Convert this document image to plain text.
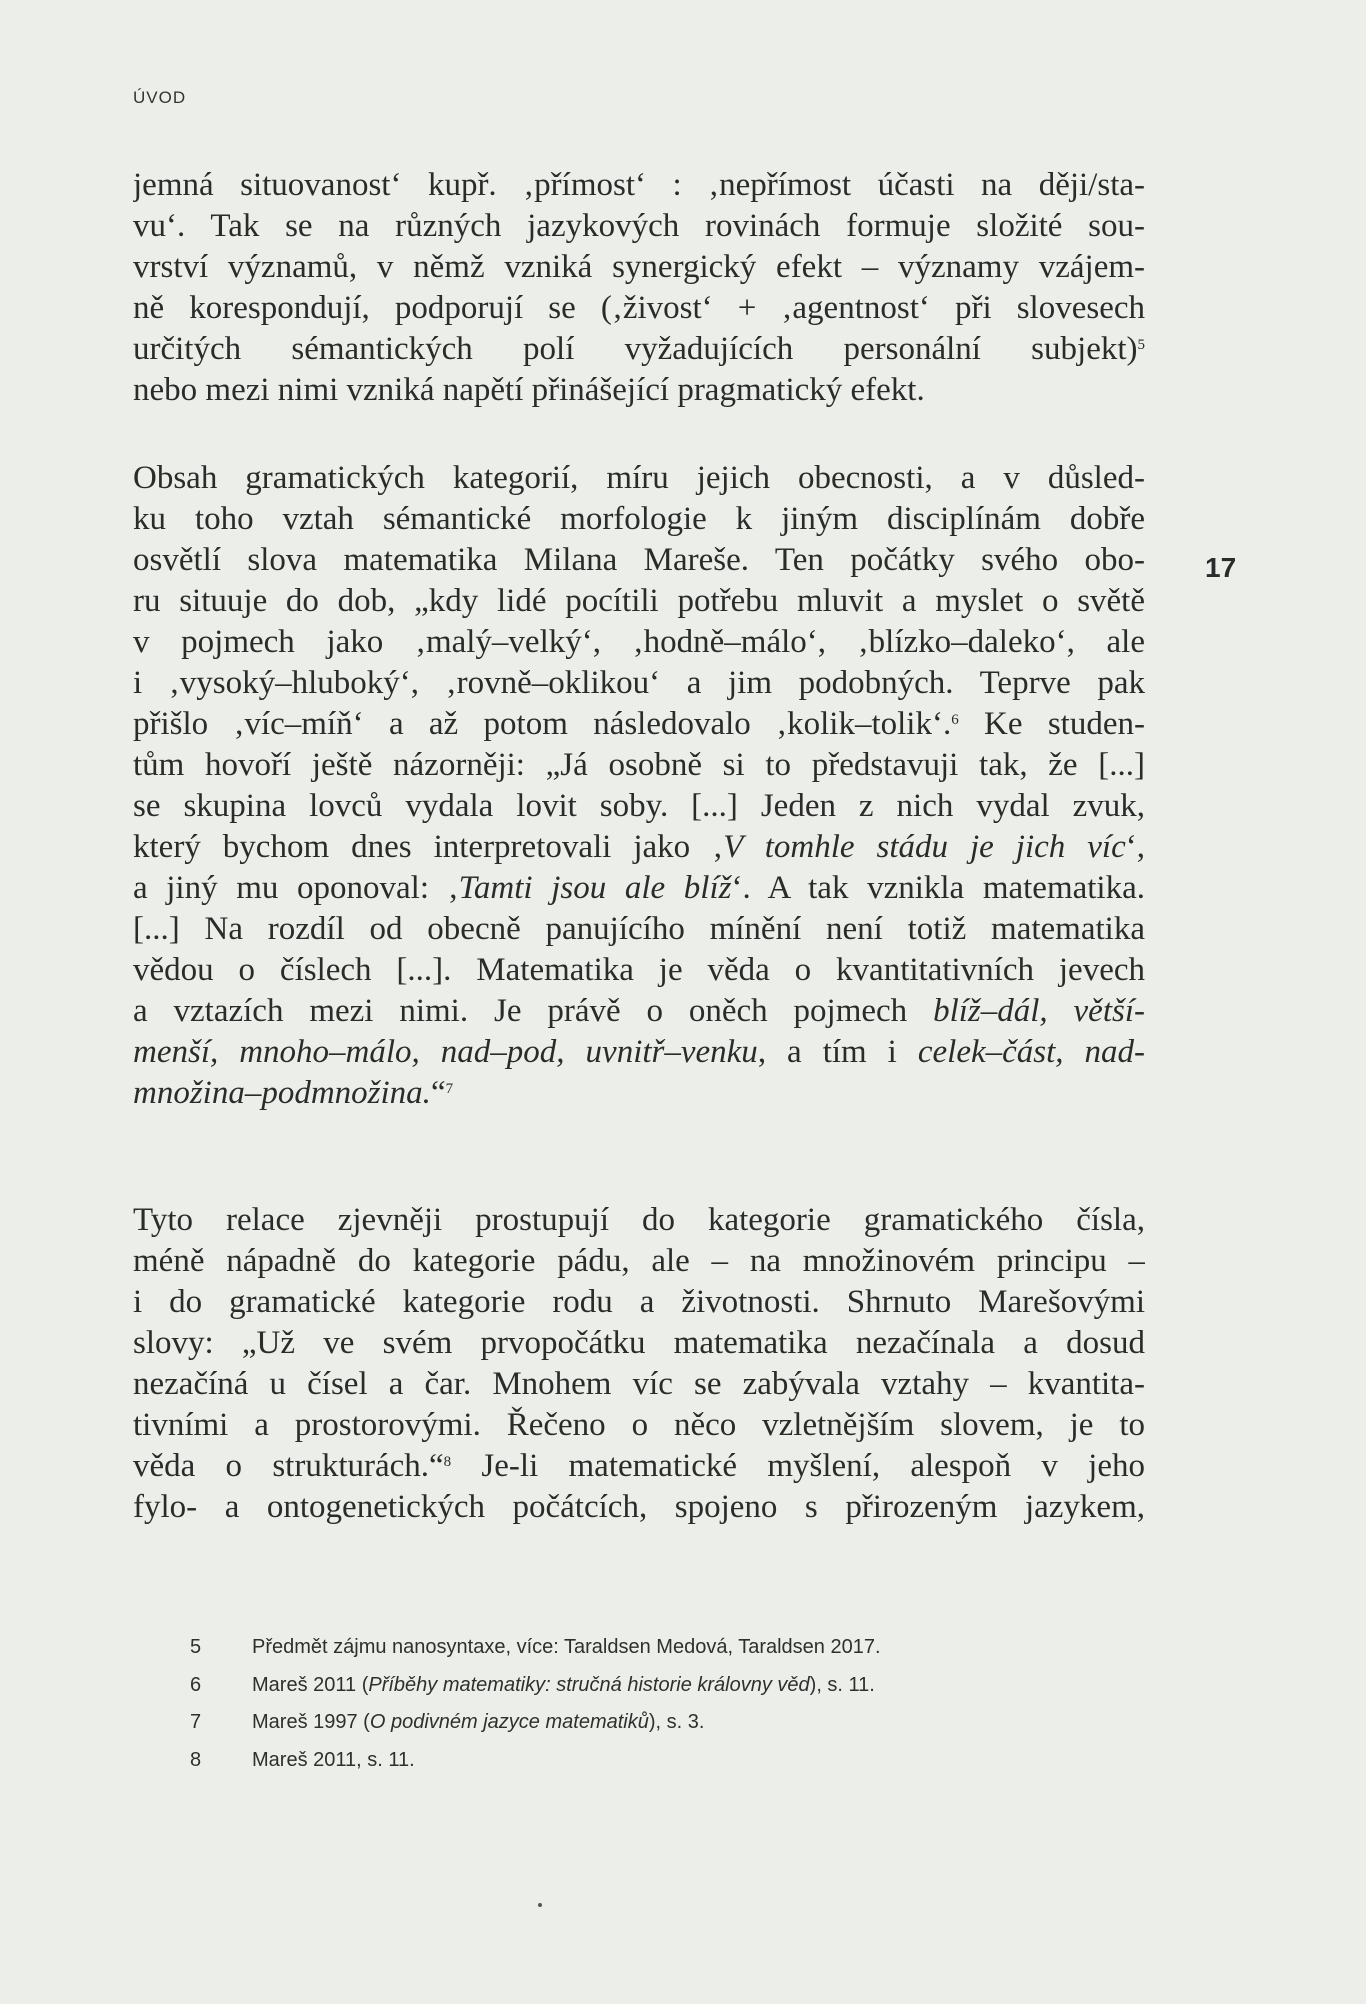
ÚVOD
17
jemná situovanost‘ kupř. ‚přímost‘ : ‚nepřímost účasti na ději/sta-
vu‘. Tak se na různých jazykových rovinách formuje složité sou-
vrství významů, v němž vzniká synergický efekt – významy vzájem-
ně korespondují, podporují se (‚živost‘ + ‚agentnost‘ při slovesech
určitých sémantických polí vyžadujících personální subjekt)$^5$
nebo mezi nimi vzniká napětí přinášející pragmatický efekt.
Obsah gramatických kategorií, míru jejich obecnosti, a v důsled-
ku toho vztah sémantické morfologie k jiným disciplínám dobře
osvětlí slova matematika Milana Mareše. Ten počátky svého obo-
ru situuje do dob, „kdy lidé pocítili potřebu mluvit a myslet o světě
v pojmech jako ‚malý–velký‘, ‚hodně–málo‘, ‚blízko–daleko‘, ale
i ‚vysoký–hluboký‘, ‚rovně–oklikou‘ a jim podobných. Teprve pak
přišlo ‚víc–míň‘ a až potom následovalo ‚kolik–tolik‘.$^6$ Ke studen-
tům hovoří ještě názorněji: „Já osobně si to představuji tak, že [...]
se skupina lovců vydala lovit soby. [...] Jeden z nich vydal zvuk,
který bychom dnes interpretovali jako ‚V tomhle stádu je jich víc‘,
a jiný mu oponoval: ‚Tamti jsou ale blíž‘. A tak vznikla matematika.
[...] Na rozdíl od obecně panujícího mínění není totiž matematika
vědou o číslech [...]. Matematika je věda o kvantitativních jevech
a vztazích mezi nimi. Je právě o oněch pojmech blíž–dál, větší-
menší, mnoho–málo, nad–pod, uvnitř–venku, a tím i celek–část, nad-
množina–podmnožina.“$^7$
Tyto relace zjevněji prostupují do kategorie gramatického čísla,
méně nápadně do kategorie pádu, ale – na množinovém principu –
i do gramatické kategorie rodu a životnosti. Shrnuto Marešovými
slovy: „Už ve svém prvopočátku matematika nezačínala a dosud
nezačíná u čísel a čar. Mnohem víc se zabývala vztahy – kvantita-
tivními a prostorovými. Řečeno o něco vzletnějším slovem, je to
věda o strukturách.“$^8$ Je-li matematické myšlení, alespoň v jeho
fylo- a ontogenetických počátcích, spojeno s přirozeným jazykem,
5	Předmět zájmu nanosyntaxe, více: Taraldsen Medová, Taraldsen 2017.
6	Mareš 2011 (Příběhy matematiky: stručná historie královny věd), s. 11.
7	Mareš 1997 (O podivném jazyce matematiků), s. 3.
8	Mareš 2011, s. 11.
